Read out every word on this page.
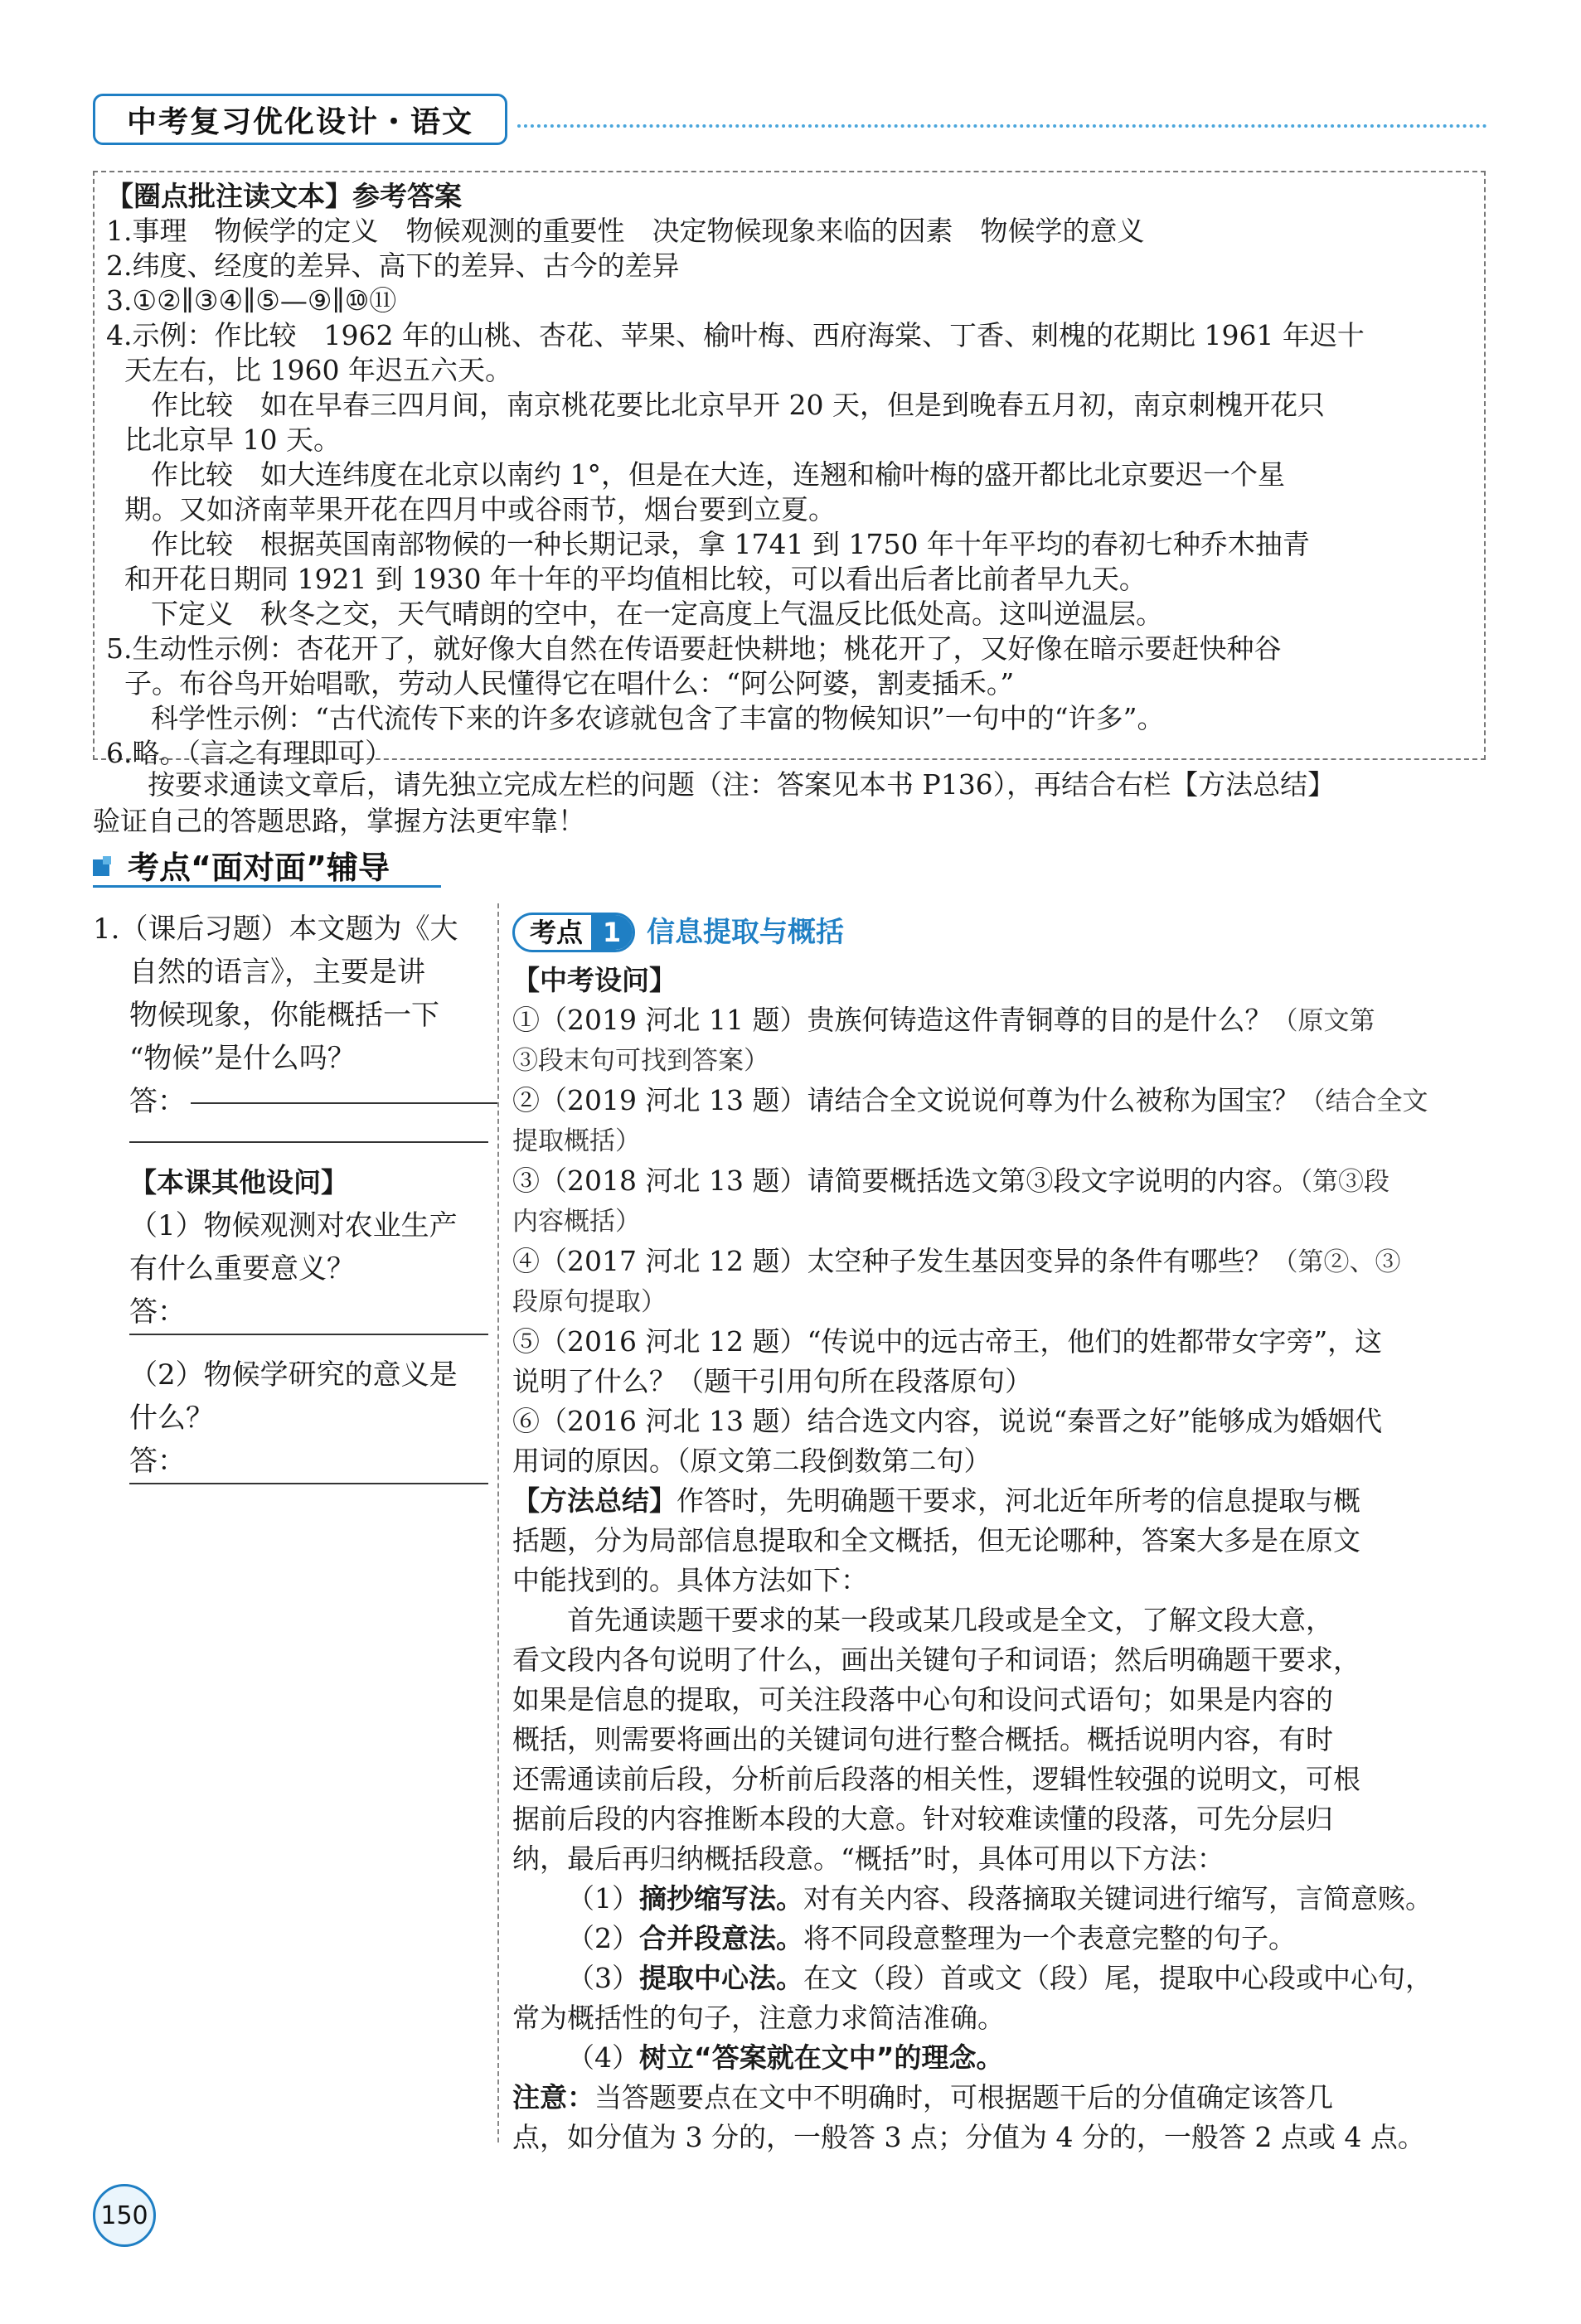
中考复习优化设计・语文
【圈点批注读文本】参考答案
1.事理　物候学的定义　物候观测的重要性　决定物候现象来临的因素　物候学的意义
2.纬度、经度的差异、高下的差异、古今的差异
3.①②∥③④∥⑤—⑨∥⑩⑪
4.示例：作比较　1962 年的山桃、杏花、苹果、榆叶梅、西府海棠、丁香、刺槐的花期比 1961 年迟十
天左右，比 1960 年迟五六天。
作比较　如在早春三四月间，南京桃花要比北京早开 20 天，但是到晚春五月初，南京刺槐开花只
比北京早 10 天。
作比较　如大连纬度在北京以南约 1°，但是在大连，连翘和榆叶梅的盛开都比北京要迟一个星
期。又如济南苹果开花在四月中或谷雨节，烟台要到立夏。
作比较　根据英国南部物候的一种长期记录，拿 1741 到 1750 年十年平均的春初七种乔木抽青
和开花日期同 1921 到 1930 年十年的平均值相比较，可以看出后者比前者早九天。
下定义　秋冬之交，天气晴朗的空中，在一定高度上气温反比低处高。这叫逆温层。
5.生动性示例：杏花开了，就好像大自然在传语要赶快耕地；桃花开了，又好像在暗示要赶快种谷
子。布谷鸟开始唱歌，劳动人民懂得它在唱什么：“阿公阿婆，割麦插禾。”
科学性示例：“古代流传下来的许多农谚就包含了丰富的物候知识”一句中的“许多”。
6.略。（言之有理即可）
按要求通读文章后，请先独立完成左栏的问题（注：答案见本书 P136），再结合右栏【方法总结】
验证自己的答题思路，掌握方法更牢靠！
考点“面对面”辅导
1.（课后习题）本文题为《大
自然的语言》，主要是讲
物候现象，你能概括一下
“物候”是什么吗？
答：
【本课其他设问】
（1）物候观测对农业生产
有什么重要意义？
答：
（2）物候学研究的意义是
什么？
答：
考点 1 信息提取与概括
【中考设问】
①（2019 河北 11 题）贵族何铸造这件青铜尊的目的是什么？（原文第
③段末句可找到答案）
②（2019 河北 13 题）请结合全文说说何尊为什么被称为国宝？（结合全文
提取概括）
③（2018 河北 13 题）请简要概括选文第③段文字说明的内容。（第③段
内容概括）
④（2017 河北 12 题）太空种子发生基因变异的条件有哪些？（第②、③
段原句提取）
⑤（2016 河北 12 题）“传说中的远古帝王，他们的姓都带女字旁”，这
说明了什么？（题干引用句所在段落原句）
⑥（2016 河北 13 题）结合选文内容，说说“秦晋之好”能够成为婚姻代
用词的原因。（原文第二段倒数第二句）
【方法总结】作答时，先明确题干要求，河北近年所考的信息提取与概
括题，分为局部信息提取和全文概括，但无论哪种，答案大多是在原文
中能找到的。具体方法如下：
首先通读题干要求的某一段或某几段或是全文，了解文段大意，
看文段内各句说明了什么，画出关键句子和词语；然后明确题干要求，
如果是信息的提取，可关注段落中心句和设问式语句；如果是内容的
概括，则需要将画出的关键词句进行整合概括。概括说明内容，有时
还需通读前后段，分析前后段落的相关性，逻辑性较强的说明文，可根
据前后段的内容推断本段的大意。针对较难读懂的段落，可先分层归
纳，最后再归纳概括段意。“概括”时，具体可用以下方法：
（1）摘抄缩写法。对有关内容、段落摘取关键词进行缩写，言简意赅。
（2）合并段意法。将不同段意整理为一个表意完整的句子。
（3）提取中心法。在文（段）首或文（段）尾，提取中心段或中心句，
常为概括性的句子，注意力求简洁准确。
（4）树立“答案就在文中”的理念。
注意：当答题要点在文中不明确时，可根据题干后的分值确定该答几
点，如分值为 3 分的，一般答 3 点；分值为 4 分的，一般答 2 点或 4 点。
150
